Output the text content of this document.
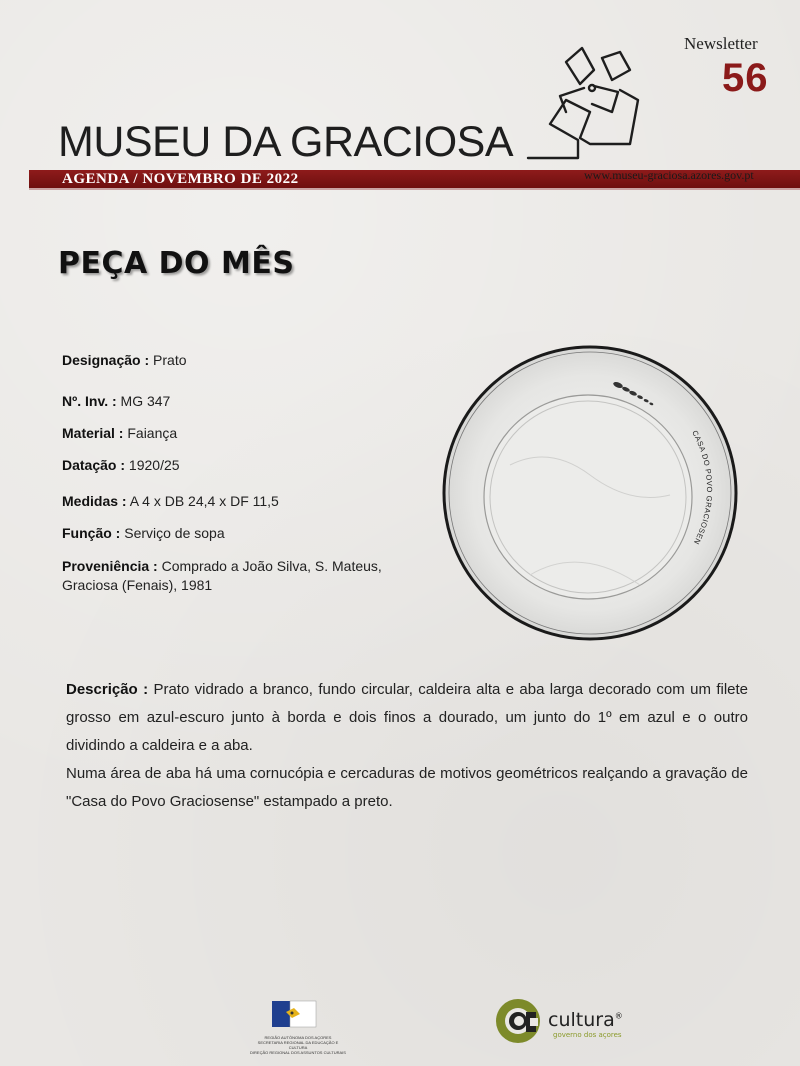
Newsletter
56
MUSEU DA GRACIOSA
AGENDA / NOVEMBRO DE 2022	www.museu-graciosa.azores.gov.pt
PEÇA DO MÊS
Designação : Prato
Nº. Inv. : MG 347
Material : Faiança
Datação : 1920/25
Medidas : A 4 x DB 24,4 x DF 11,5
Função : Serviço de sopa
Proveniência : Comprado a João Silva, S. Mateus,
Graciosa (Fenais), 1981
CASA DO POVO GRACIOSENSE

Descrição : Prato vidrado a branco, fundo circular, caldeira alta e aba larga decorado com um filete grosso em azul-escuro junto à borda e dois finos a dourado, um junto do 1º em azul e o outro dividindo a caldeira e a aba.

Numa área de aba há uma cornucópia e cercaduras de motivos geométricos realçando a gravação de "Casa do Povo Graciosense" estampado a preto.

REGIÃO AUTÓNOMA DOS AÇORES
SECRETARIA REGIONAL DA EDUCAÇÃO E CULTURA
DIREÇÃO REGIONAL DOS ASSUNTOS CULTURAIS
cultura®
governo dos açores
